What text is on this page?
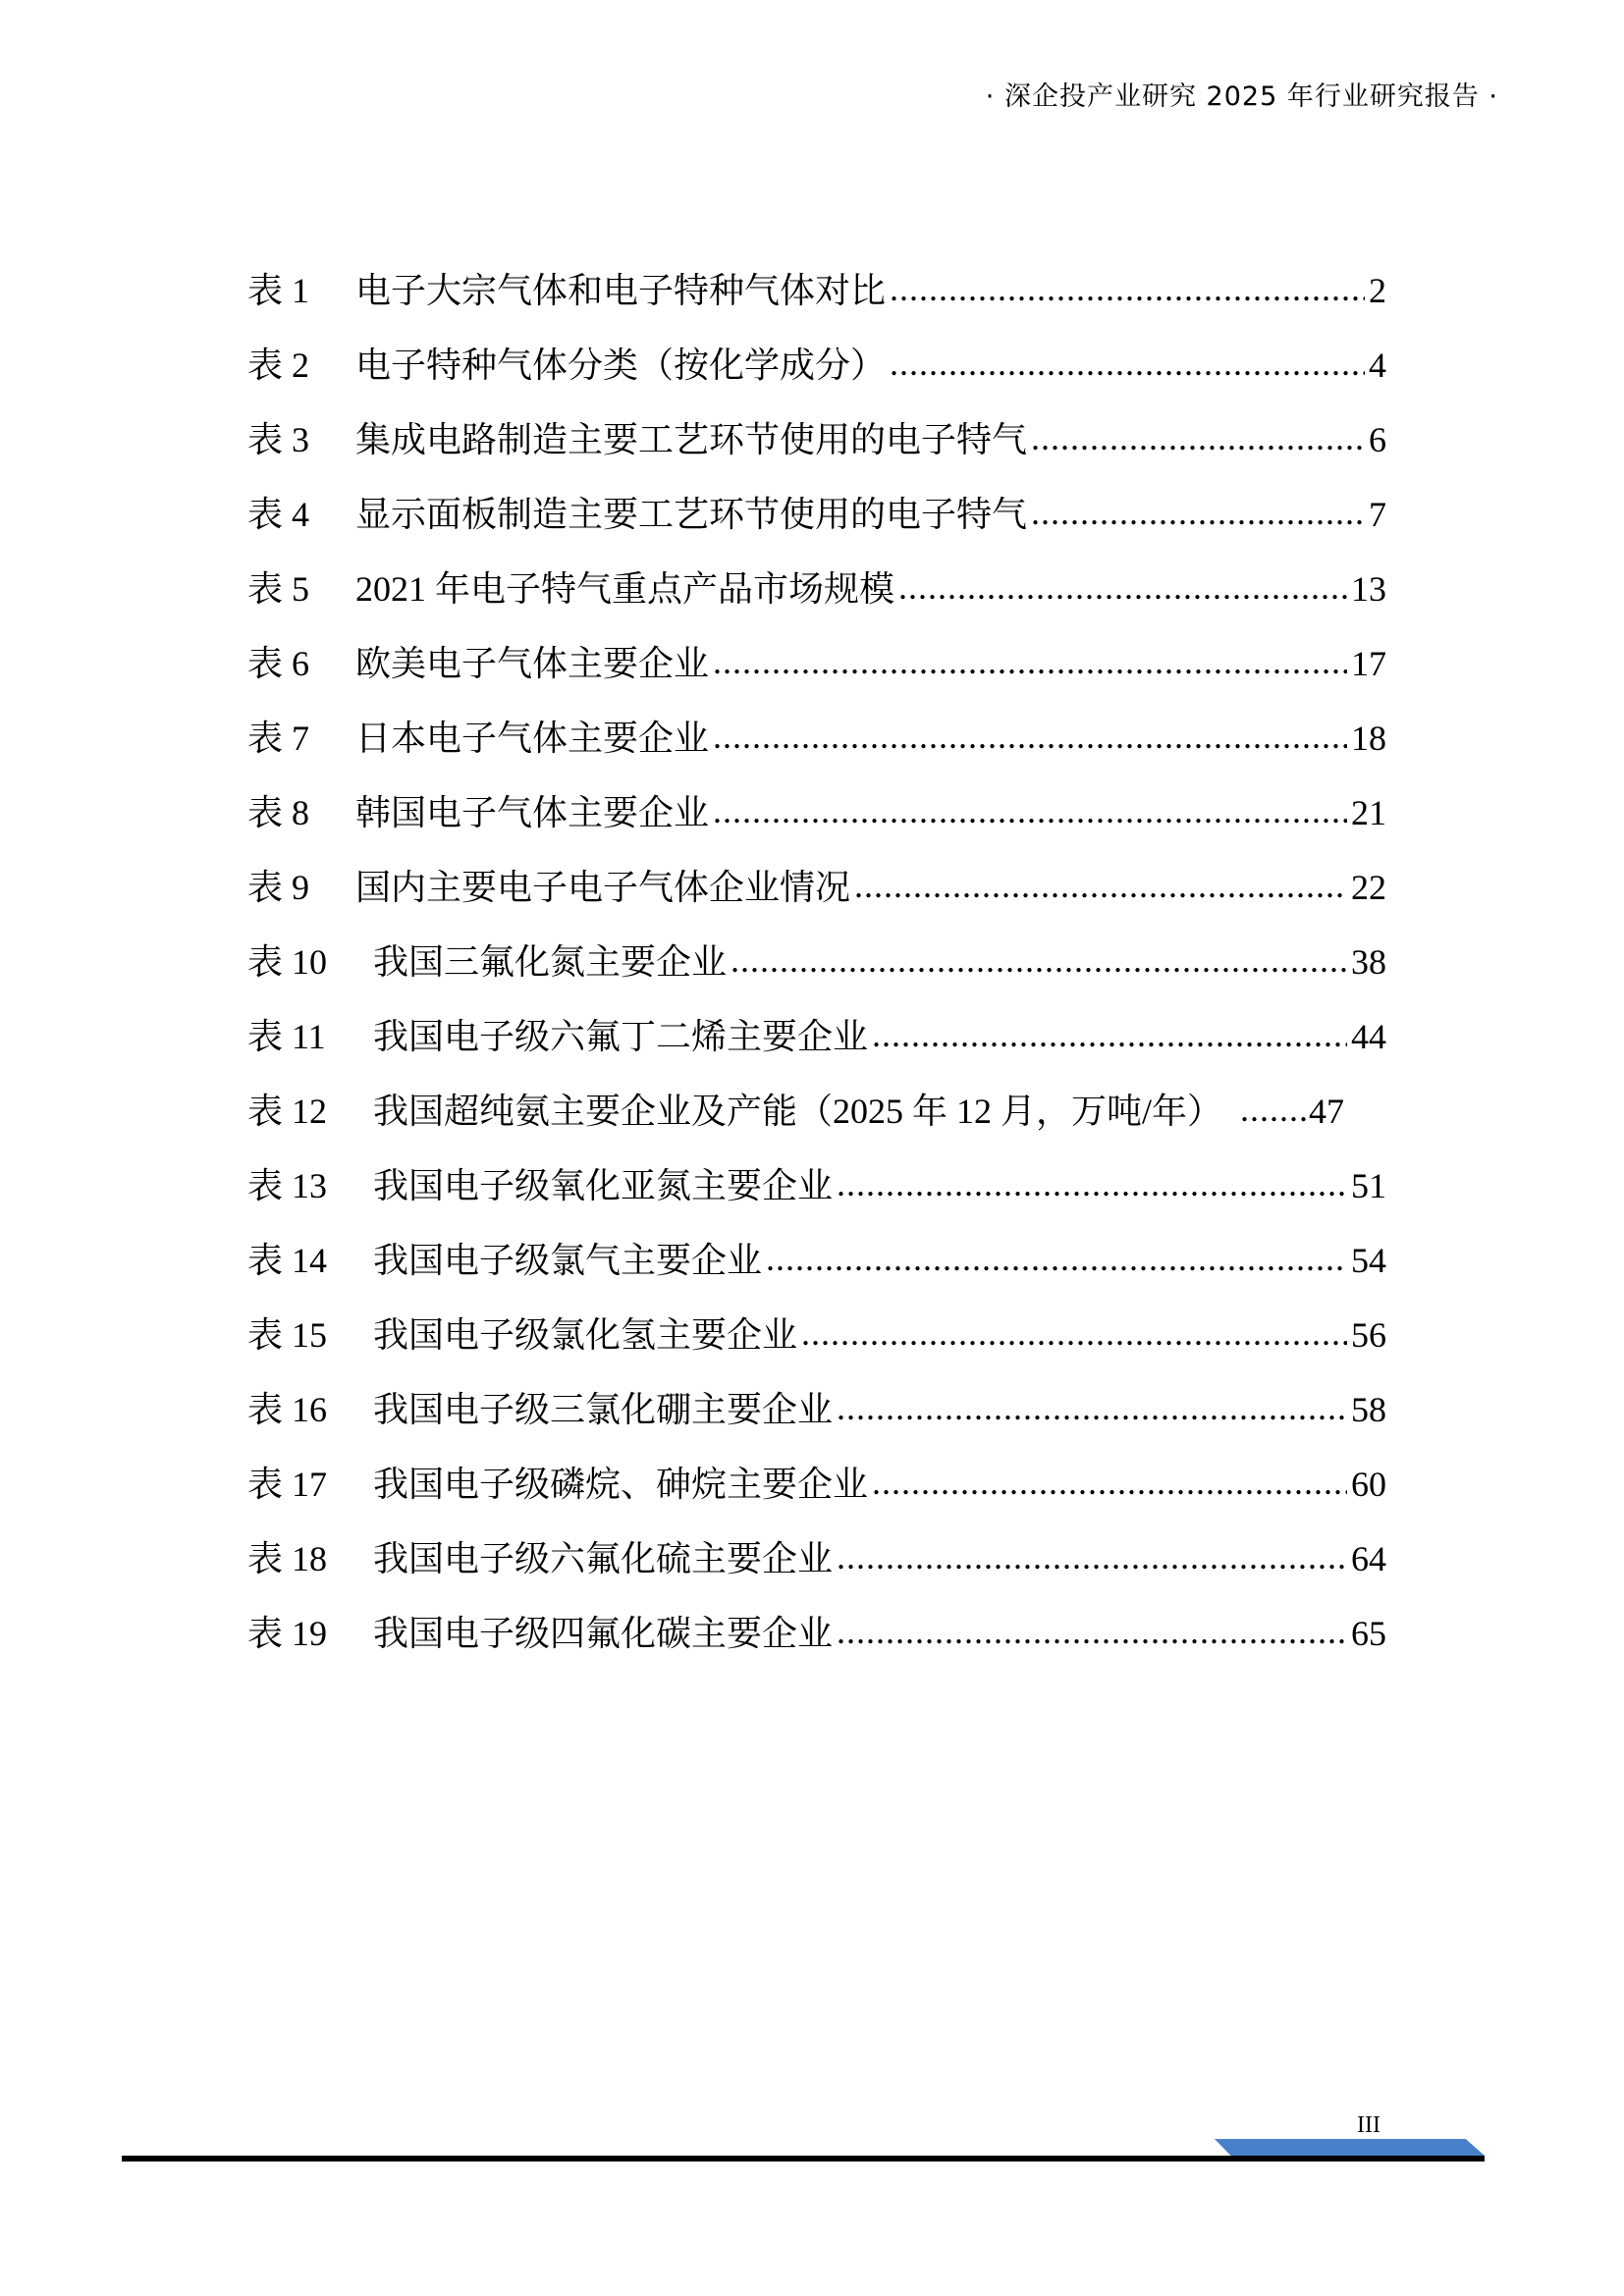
· 深企投产业研究 2025 年行业研究报告 ·
表 1	电子大宗气体和电子特种气体对比 .....	2
表 2	电子特种气体分类（按化学成分） .....	4
表 3	集成电路制造主要工艺环节使用的电子特气 .....	6
表 4	显示面板制造主要工艺环节使用的电子特气 .....	7
表 5	2021 年电子特气重点产品市场规模 .....	13
表 6	欧美电子气体主要企业 .....	17
表 7	日本电子气体主要企业 .....	18
表 8	韩国电子气体主要企业 .....	21
表 9	国内主要电子电子气体企业情况 .....	22
表 10	我国三氟化氮主要企业 .....	38
表 11	我国电子级六氟丁二烯主要企业 .....	44
表 12	我国超纯氨主要企业及产能（2025 年 12 月，万吨/年） ..... 47
表 13	我国电子级氧化亚氮主要企业 .....	51
表 14	我国电子级氯气主要企业 .....	54
表 15	我国电子级氯化氢主要企业 .....	56
表 16	我国电子级三氯化硼主要企业 .....	58
表 17	我国电子级磷烷、砷烷主要企业 .....	60
表 18	我国电子级六氟化硫主要企业 .....	64
表 19	我国电子级四氟化碳主要企业 .....	65
III
